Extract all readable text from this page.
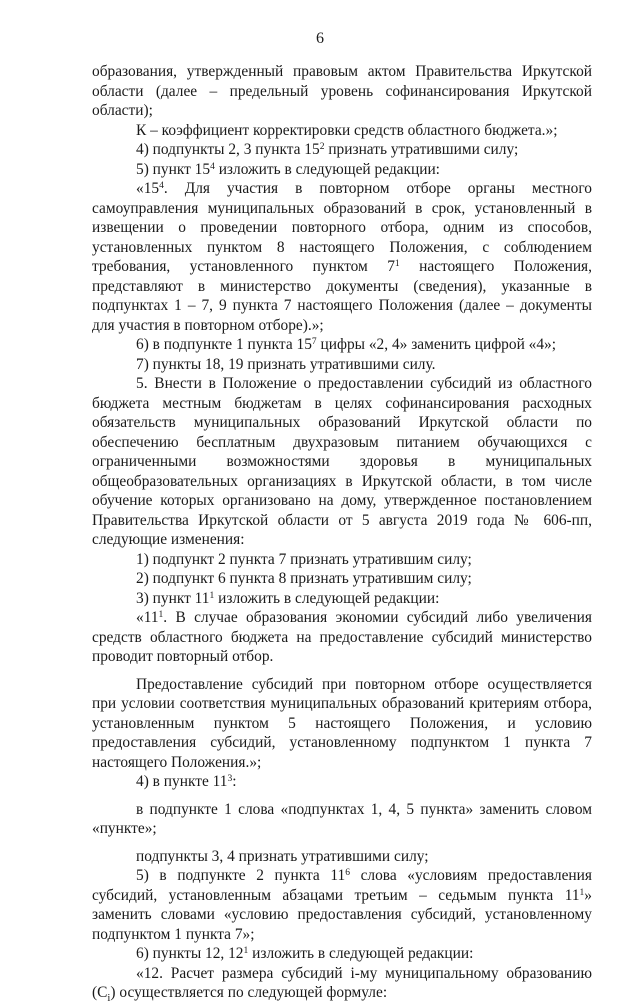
6

образования, утвержденный правовым актом Правительства Иркутской области (далее – предельный уровень софинансирования Иркутской области);

К – коэффициент корректировки средств областного бюджета.»;

4) подпункты 2, 3 пункта $15^2$ признать утратившими силу;

5) пункт $15^4$ изложить в следующей редакции:

«$15^4$. Для участия в повторном отборе органы местного самоуправления муниципальных образований в срок, установленный в извещении о проведении повторного отбора, одним из способов, установленных пунктом 8 настоящего Положения, с соблюдением требования, установленного пунктом $7^1$ настоящего Положения, представляют в министерство документы (сведения), указанные в подпунктах 1 – 7, 9 пункта 7 настоящего Положения (далее – документы для участия в повторном отборе).»;

6) в подпункте 1 пункта $15^7$ цифры «2, 4» заменить цифрой «4»;

7) пункты 18, 19 признать утратившими силу.

5. Внести в Положение о предоставлении субсидий из областного бюджета местным бюджетам в целях софинансирования расходных обязательств муниципальных образований Иркутской области по обеспечению бесплатным двухразовым питанием обучающихся с ограниченными возможностями здоровья в муниципальных общеобразовательных организациях в Иркутской области, в том числе обучение которых организовано на дому, утвержденное постановлением Правительства Иркутской области от 5 августа 2019 года № 606-пп, следующие изменения:

1) подпункт 2 пункта 7 признать утратившим силу;

2) подпункт 6 пункта 8 признать утратившим силу;

3) пункт $11^1$ изложить в следующей редакции:

«$11^1$. В случае образования экономии субсидий либо увеличения средств областного бюджета на предоставление субсидий министерство проводит повторный отбор.

Предоставление субсидий при повторном отборе осуществляется при условии соответствия муниципальных образований критериям отбора, установленным пунктом 5 настоящего Положения, и условию предоставления субсидий, установленному подпунктом 1 пункта 7 настоящего Положения.»;

4) в пункте $11^3$:

в подпункте 1 слова «подпунктах 1, 4, 5 пункта» заменить словом «пункте»;

подпункты 3, 4 признать утратившими силу;

5) в подпункте 2 пункта $11^6$ слова «условиям предоставления субсидий, установленным абзацами третьим – седьмым пункта $11^1$» заменить словами «условию предоставления субсидий, установленному подпунктом 1 пункта 7»;

6) пункты 12, $12^1$ изложить в следующей редакции:

«12. Расчет размера субсидий i-му муниципальному образованию $(C_i)$ осуществляется по следующей формуле:
